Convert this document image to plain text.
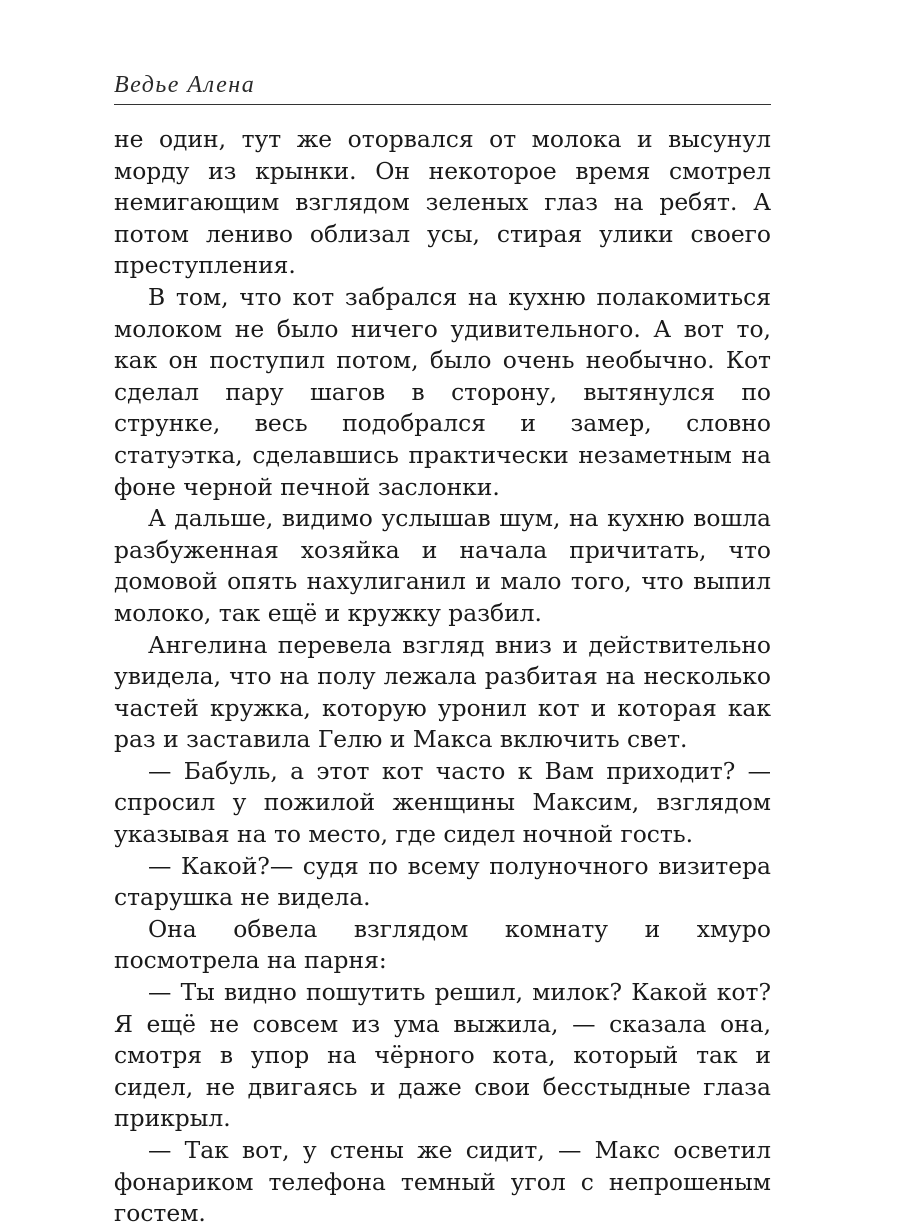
Ведьe Алена

не один, тут же оторвался от молока и высунул морду из крынки. Он некоторое время смотрел немигающим взглядом зеленых глаз на ребят. А потом лениво облизал усы, стирая улики своего преступления.

В том, что кот забрался на кухню полакомиться молоком не было ничего удивительного. А вот то, как он поступил потом, было очень необычно. Кот сделал пару шагов в сторону, вытянулся по струнке, весь подобрался и замер, словно статуэтка, сделавшись практически незаметным на фоне черной печной заслонки.

А дальше, видимо услышав шум, на кухню вошла разбуженная хозяйка и начала причитать, что домовой опять нахулиганил и мало того, что выпил молоко, так ещё и кружку разбил.

Ангелина перевела взгляд вниз и действительно увидела, что на полу лежала разбитая на несколько частей кружка, которую уронил кот и которая как раз и заставила Гелю и Макса включить свет.

— Бабуль, а этот кот часто к Вам приходит? — спросил у пожилой женщины Максим, взглядом указывая на то место, где сидел ночной гость.

— Какой?— судя по всему полуночного визитера старушка не видела.

Она обвела взглядом комнату и хмуро посмотрела на парня:

— Ты видно пошутить решил, милок? Какой кот? Я ещё не совсем из ума выжила, — сказала она, смотря в упор на чёрного кота, который так и сидел, не двигаясь и даже свои бесстыдные глаза прикрыл.

— Так вот, у стены же сидит, — Макс осветил фонариком телефона темный угол с непрошеным гостем.
